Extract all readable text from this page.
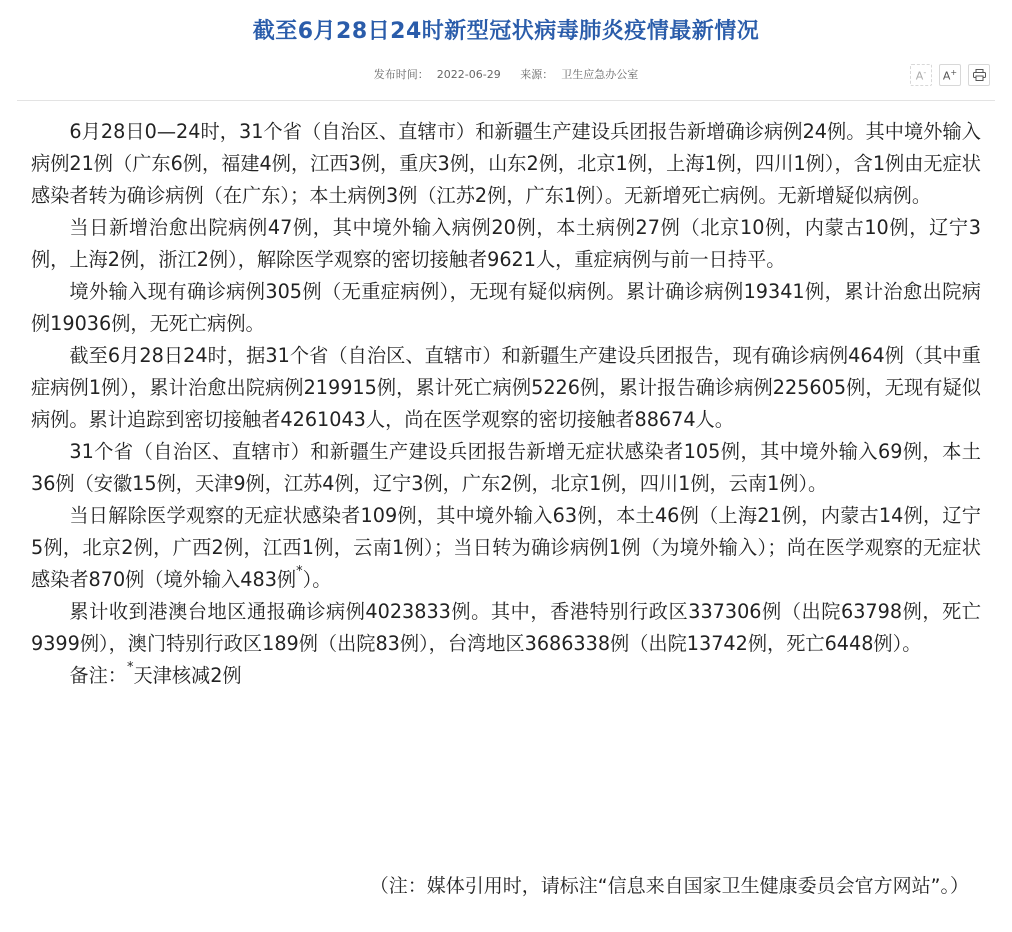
截至6月28日24时新型冠状病毒肺炎疫情最新情况
发布时间： 2022-06-29 来源： 卫生应急办公室	A- A+

6月28日0—24时，31个省（自治区、直辖市）和新疆生产建设兵团报告新增确诊病例24例。其中境外输入病例21例（广东6例，福建4例，江西3例，重庆3例，山东2例，北京1例，上海1例，四川1例），含1例由无症状感染者转为确诊病例（在广东）；本土病例3例（江苏2例，广东1例）。无新增死亡病例。无新增疑似病例。

当日新增治愈出院病例47例，其中境外输入病例20例，本土病例27例（北京10例，内蒙古10例，辽宁3例，上海2例，浙江2例），解除医学观察的密切接触者9621人，重症病例与前一日持平。

境外输入现有确诊病例305例（无重症病例），无现有疑似病例。累计确诊病例19341例，累计治愈出院病例19036例，无死亡病例。

截至6月28日24时，据31个省（自治区、直辖市）和新疆生产建设兵团报告，现有确诊病例464例（其中重症病例1例），累计治愈出院病例219915例，累计死亡病例5226例，累计报告确诊病例225605例，无现有疑似病例。累计追踪到密切接触者4261043人，尚在医学观察的密切接触者88674人。

31个省（自治区、直辖市）和新疆生产建设兵团报告新增无症状感染者105例，其中境外输入69例，本土36例（安徽15例，天津9例，江苏4例，辽宁3例，广东2例，北京1例，四川1例，云南1例）。

当日解除医学观察的无症状感染者109例，其中境外输入63例，本土46例（上海21例，内蒙古14例，辽宁5例，北京2例，广西2例，江西1例，云南1例）；当日转为确诊病例1例（为境外输入）；尚在医学观察的无症状感染者870例（境外输入483例*）。

累计收到港澳台地区通报确诊病例4023833例。其中，香港特别行政区337306例（出院63798例，死亡9399例），澳门特别行政区189例（出院83例），台湾地区3686338例（出院13742例，死亡6448例）。

备注：*天津核减2例

（注：媒体引用时，请标注“信息来自国家卫生健康委员会官方网站”。）
